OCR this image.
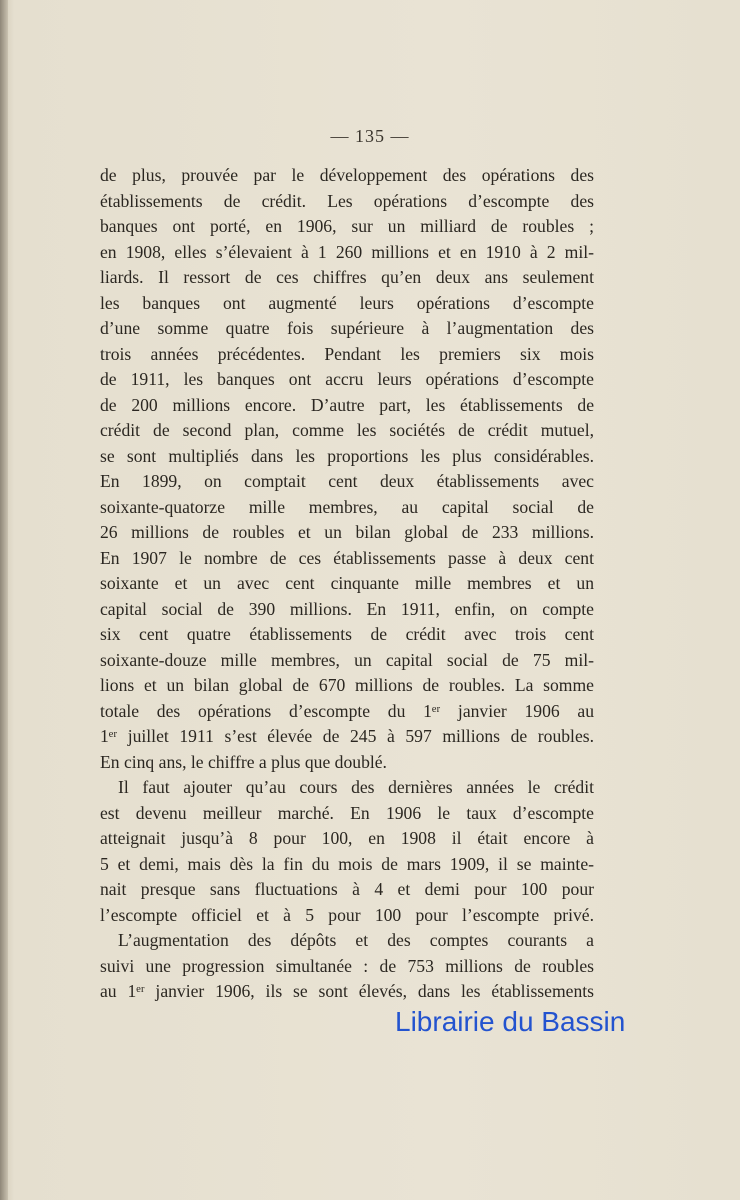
— 135 —
de plus, prouvée par le développement des opérations des
établissements de crédit. Les opérations d’escompte des
banques ont porté, en 1906, sur un milliard de roubles ;
en 1908, elles s’élevaient à 1 260 millions et en 1910 à 2 mil-
liards. Il ressort de ces chiffres qu’en deux ans seulement
les banques ont augmenté leurs opérations d’escompte
d’une somme quatre fois supérieure à l’augmentation des
trois années précédentes. Pendant les premiers six mois
de 1911, les banques ont accru leurs opérations d’escompte
de 200 millions encore. D’autre part, les établissements de
crédit de second plan, comme les sociétés de crédit mutuel,
se sont multipliés dans les proportions les plus considérables.
En 1899, on comptait cent deux établissements avec
soixante-quatorze mille membres, au capital social de
26 millions de roubles et un bilan global de 233 millions.
En 1907 le nombre de ces établissements passe à deux cent
soixante et un avec cent cinquante mille membres et un
capital social de 390 millions. En 1911, enfin, on compte
six cent quatre établissements de crédit avec trois cent
soixante-douze mille membres, un capital social de 75 mil-
lions et un bilan global de 670 millions de roubles. La somme
totale des opérations d’escompte du 1ᵉʳ janvier 1906 au
1ᵉʳ juillet 1911 s’est élevée de 245 à 597 millions de roubles.
En cinq ans, le chiffre a plus que doublé.
Il faut ajouter qu’au cours des dernières années le crédit
est devenu meilleur marché. En 1906 le taux d’escompte
atteignait jusqu’à 8 pour 100, en 1908 il était encore à
5 et demi, mais dès la fin du mois de mars 1909, il se mainte-
nait presque sans fluctuations à 4 et demi pour 100 pour
l’escompte officiel et à 5 pour 100 pour l’escompte privé.
L’augmentation des dépôts et des comptes courants a
suivi une progression simultanée : de 753 millions de roubles
au 1ᵉʳ janvier 1906, ils se sont élevés, dans les établissements
Librairie du Bassin
